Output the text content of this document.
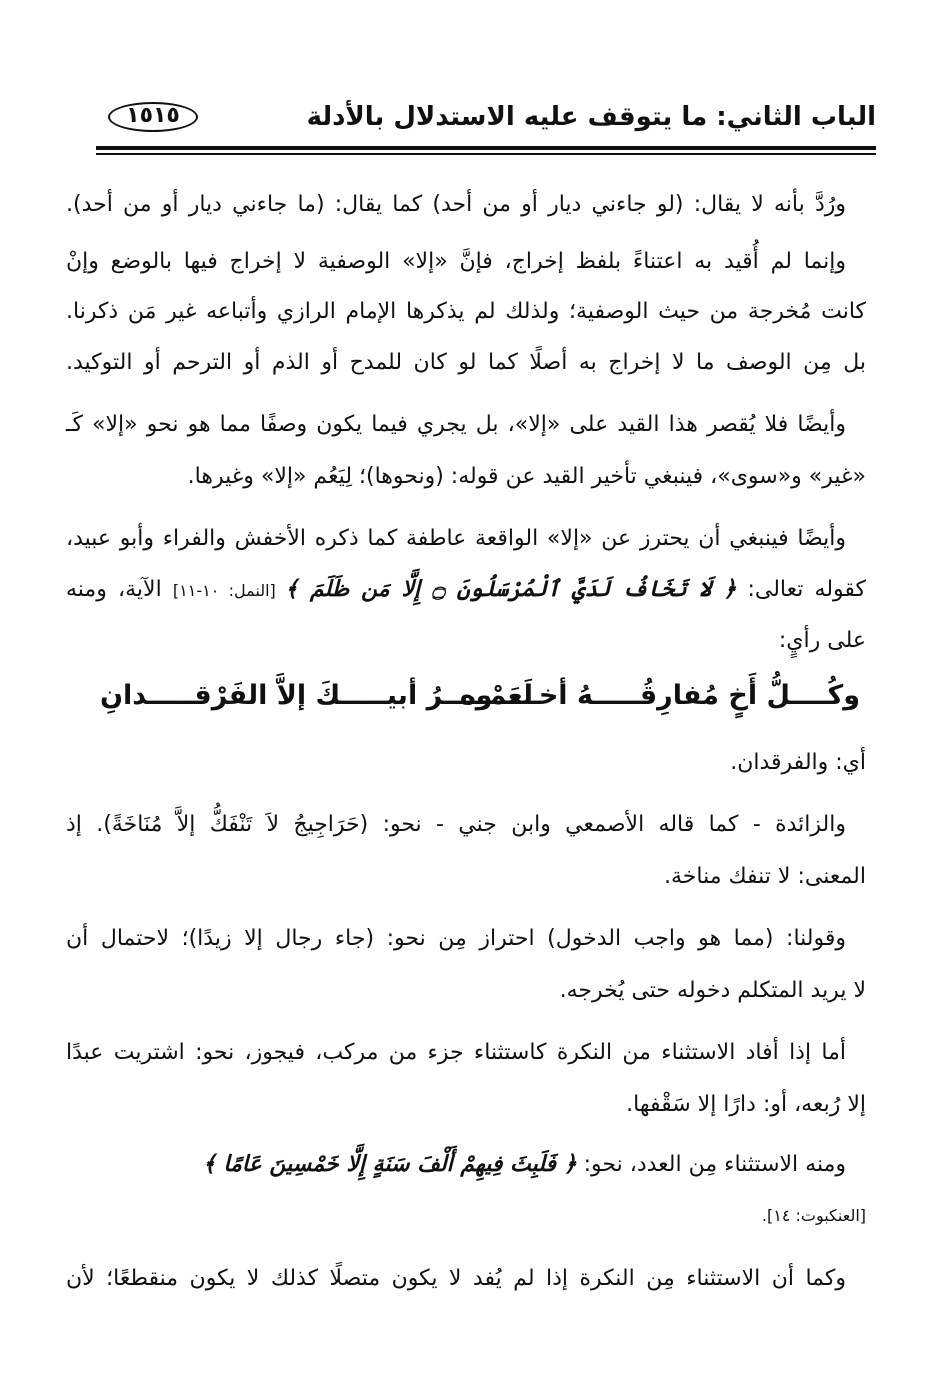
الباب الثاني: ما يتوقف عليه الاستدلال بالأدلة
١٥١٥
ورُدَّ بأنه لا يقال: (لو جاءني ديار أو من أحد) كما يقال: (ما جاءني ديار أو من أحد).
وإنما لم أُقيد به اعتناءً بلفظ إخراج، فإنَّ «إلا» الوصفية لا إخراج فيها بالوضع وإنْ
كانت مُخرجة من حيث الوصفية؛ ولذلك لم يذكرها الإمام الرازي وأتباعه غير مَن ذكرنا.
بل مِن الوصف ما لا إخراج به أصلًا كما لو كان للمدح أو الذم أو الترحم أو التوكيد.
وأيضًا فلا يُقصر هذا القيد على «إلا»، بل يجري فيما يكون وصفًا مما هو نحو «إلا» كَـ
«غير» و«سوى»، فينبغي تأخير القيد عن قوله: (ونحوها)؛ لِيَعُم «إلا» وغيرها.
وأيضًا فينبغي أن يحترز عن «إلا» الواقعة عاطفة كما ذكره الأخفش والفراء وأبو عبيد،
كقوله تعالى: ﴿ لَا تَخَافُ لَدَيَّ ٱلْمُرْسَلُونَ ۝ إِلَّا مَن ظَلَمَ ﴾ [النمل: ١٠-١١] الآية، ومنه
على رأيٍ:
وكُــــلُّ أَخٍ مُفارِقُـــــهُ أخـــــوه
لَعَمْـــــرُ أبيـــــكَ إلاَّ الفَرْقـــــدانِ
أي: والفرقدان.
والزائدة - كما قاله الأصمعي وابن جني - نحو: (حَرَاجِيجُ لاَ تَنْفَكُّ إلاَّ مُنَاخَةً). إذ
المعنى: لا تنفك مناخة.
وقولنا: (مما هو واجب الدخول) احتراز مِن نحو: (جاء رجال إلا زيدًا)؛ لاحتمال أن
لا يريد المتكلم دخوله حتى يُخرجه.
أما إذا أفاد الاستثناء من النكرة كاستثناء جزء من مركب، فيجوز، نحو: اشتريت عبدًا
إلا رُبعه، أو: دارًا إلا سَقْفها.
ومنه الاستثناء مِن العدد، نحو: ﴿ فَلَبِثَ فِيهِمْ أَلْفَ سَنَةٍ إِلَّا خَمْسِينَ عَامًا ﴾
[العنكبوت: ١٤].
وكما أن الاستثناء مِن النكرة إذا لم يُفد لا يكون متصلًا كذلك لا يكون منقطعًا؛ لأن
